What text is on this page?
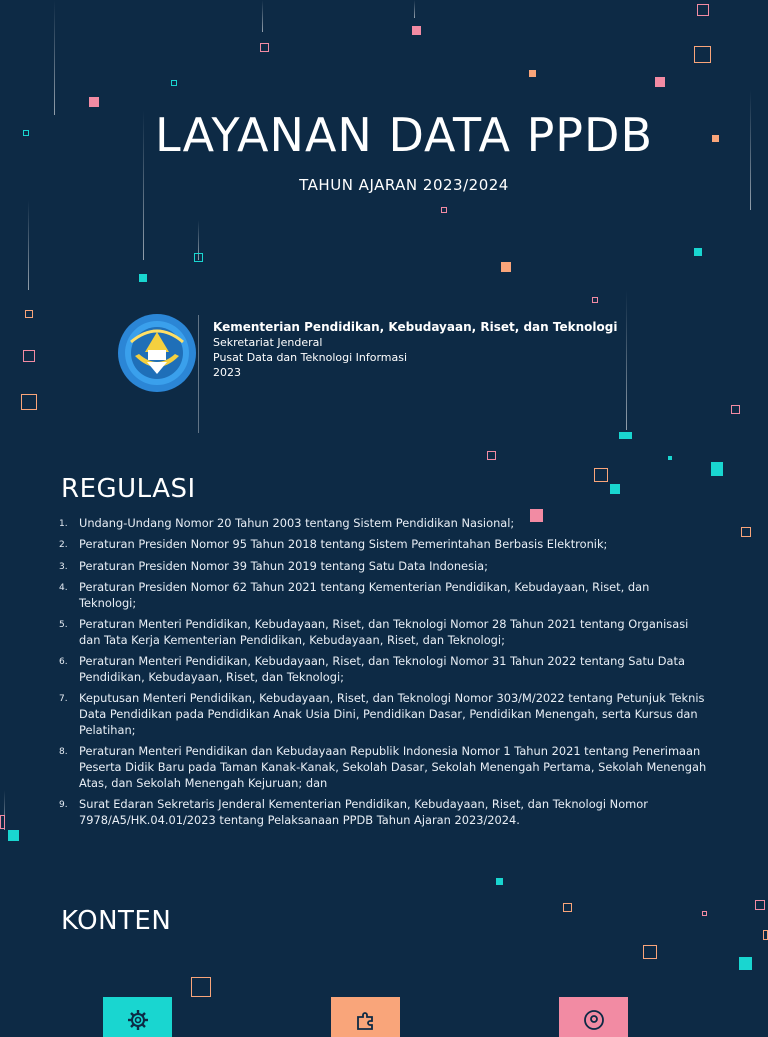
LAYANAN DATA PPDB
TAHUN AJARAN 2023/2024
Kementerian Pendidikan, Kebudayaan, Riset, dan Teknologi
Sekretariat Jenderal
Pusat Data dan Teknologi Informasi
2023
REGULASI
1. Undang-Undang Nomor 20 Tahun 2003 tentang Sistem Pendidikan Nasional;
2. Peraturan Presiden Nomor 95 Tahun 2018 tentang Sistem Pemerintahan Berbasis Elektronik;
3. Peraturan Presiden Nomor 39 Tahun 2019 tentang Satu Data Indonesia;
4. Peraturan Presiden Nomor 62 Tahun 2021 tentang Kementerian Pendidikan, Kebudayaan, Riset, dan Teknologi;
5. Peraturan Menteri Pendidikan, Kebudayaan, Riset, dan Teknologi Nomor 28 Tahun 2021 tentang Organisasi dan Tata Kerja Kementerian Pendidikan, Kebudayaan, Riset, dan Teknologi;
6. Peraturan Menteri Pendidikan, Kebudayaan, Riset, dan Teknologi Nomor 31 Tahun 2022 tentang Satu Data Pendidikan, Kebudayaan, Riset, dan Teknologi;
7. Keputusan Menteri Pendidikan, Kebudayaan, Riset, dan Teknologi Nomor 303/M/2022 tentang Petunjuk Teknis Data Pendidikan pada Pendidikan Anak Usia Dini, Pendidikan Dasar, Pendidikan Menengah, serta Kursus dan Pelatihan;
8. Peraturan Menteri Pendidikan dan Kebudayaan Republik Indonesia Nomor 1 Tahun 2021 tentang Penerimaan Peserta Didik Baru pada Taman Kanak-Kanak, Sekolah Dasar, Sekolah Menengah Pertama, Sekolah Menengah Atas, dan Sekolah Menengah Kejuruan; dan
9. Surat Edaran Sekretaris Jenderal Kementerian Pendidikan, Kebudayaan, Riset, dan Teknologi Nomor 7978/A5/HK.04.01/2023 tentang Pelaksanaan PPDB Tahun Ajaran 2023/2024.
KONTEN
